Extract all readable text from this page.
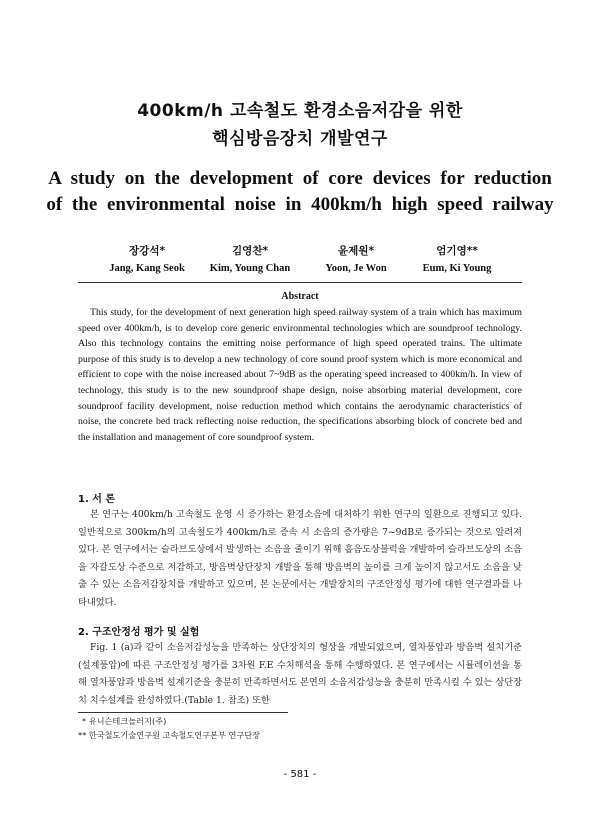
400km/h 고속철도 환경소음저감을 위한
핵심방음장치 개발연구
A study on the development of core devices for reduction
of the environmental noise in 400km/h high speed railway
장강석*
Jang, Kang Seok
김영찬*
Kim, Young Chan
윤제원*
Yoon, Je Won
엄기영**
Eum, Ki Young
Abstract

This study, for the development of next generation high speed railway system of a train which has maximum speed over 400km/h, is to develop core generic environmental technologies which are soundproof technology. Also this technology contains the emitting noise performance of high speed operated trains. The ultimate purpose of this study is to develop a new technology of core sound proof system which is more economical and efficient to cope with the noise increased about 7~9dB as the operating speed increased to 400km/h. In view of technology, this study is to the new soundproof shape design, noise absorbing material development, core soundproof facility development, noise reduction method which contains the aerodynamic characteristics of noise, the concrete bed track reflecting noise reduction, the specifications absorbing block of concrete bed and the installation and management of core soundproof system.

1. 서 론

본 연구는 400km/h 고속철도 운영 시 증가하는 환경소음에 대처하기 위한 연구의 일환으로 진행되고 있다. 일반적으로 300km/h의 고속철도가 400km/h로 증속 시 소음의 증가량은 7~9dB로 증가되는 것으로 알려져 있다. 본 연구에서는 슬라브도상에서 발생하는 소음을 줄이기 위해 흡음도상블럭을 개발하여 슬라브도상의 소음을 자갈도상 수준으로 저감하고, 방음벽상단장치 개발을 통해 방음벽의 높이를 크게 높이지 않고서도 소음을 낮출 수 있는 소음저감장치를 개발하고 있으며, 본 논문에서는 개발장치의 구조안정성 평가에 대한 연구결과를 나타내었다.

2. 구조안정성 평가 및 실험

Fig. 1 (a)과 같이 소음저감성능을 만족하는 상단장치의 형상을 개발되었으며, 열차풍압과 방음벽 설치기준(설계풍압)에 따른 구조안정성 평가를 3차원 F.E 수치해석을 통해 수행하였다. 본 연구에서는 시뮬레이션을 통해 열차풍압과 방음벽 설계기준을 충분히 만족하면서도 본연의 소음저감성능을 충분히 만족시킬 수 있는 상단장치 치수설계를 완성하였다.(Table 1. 참조) 또한

* 유니슨테크놀러지(주)
** 한국철도기술연구원 고속철도연구본부 연구단장
- 581 -
